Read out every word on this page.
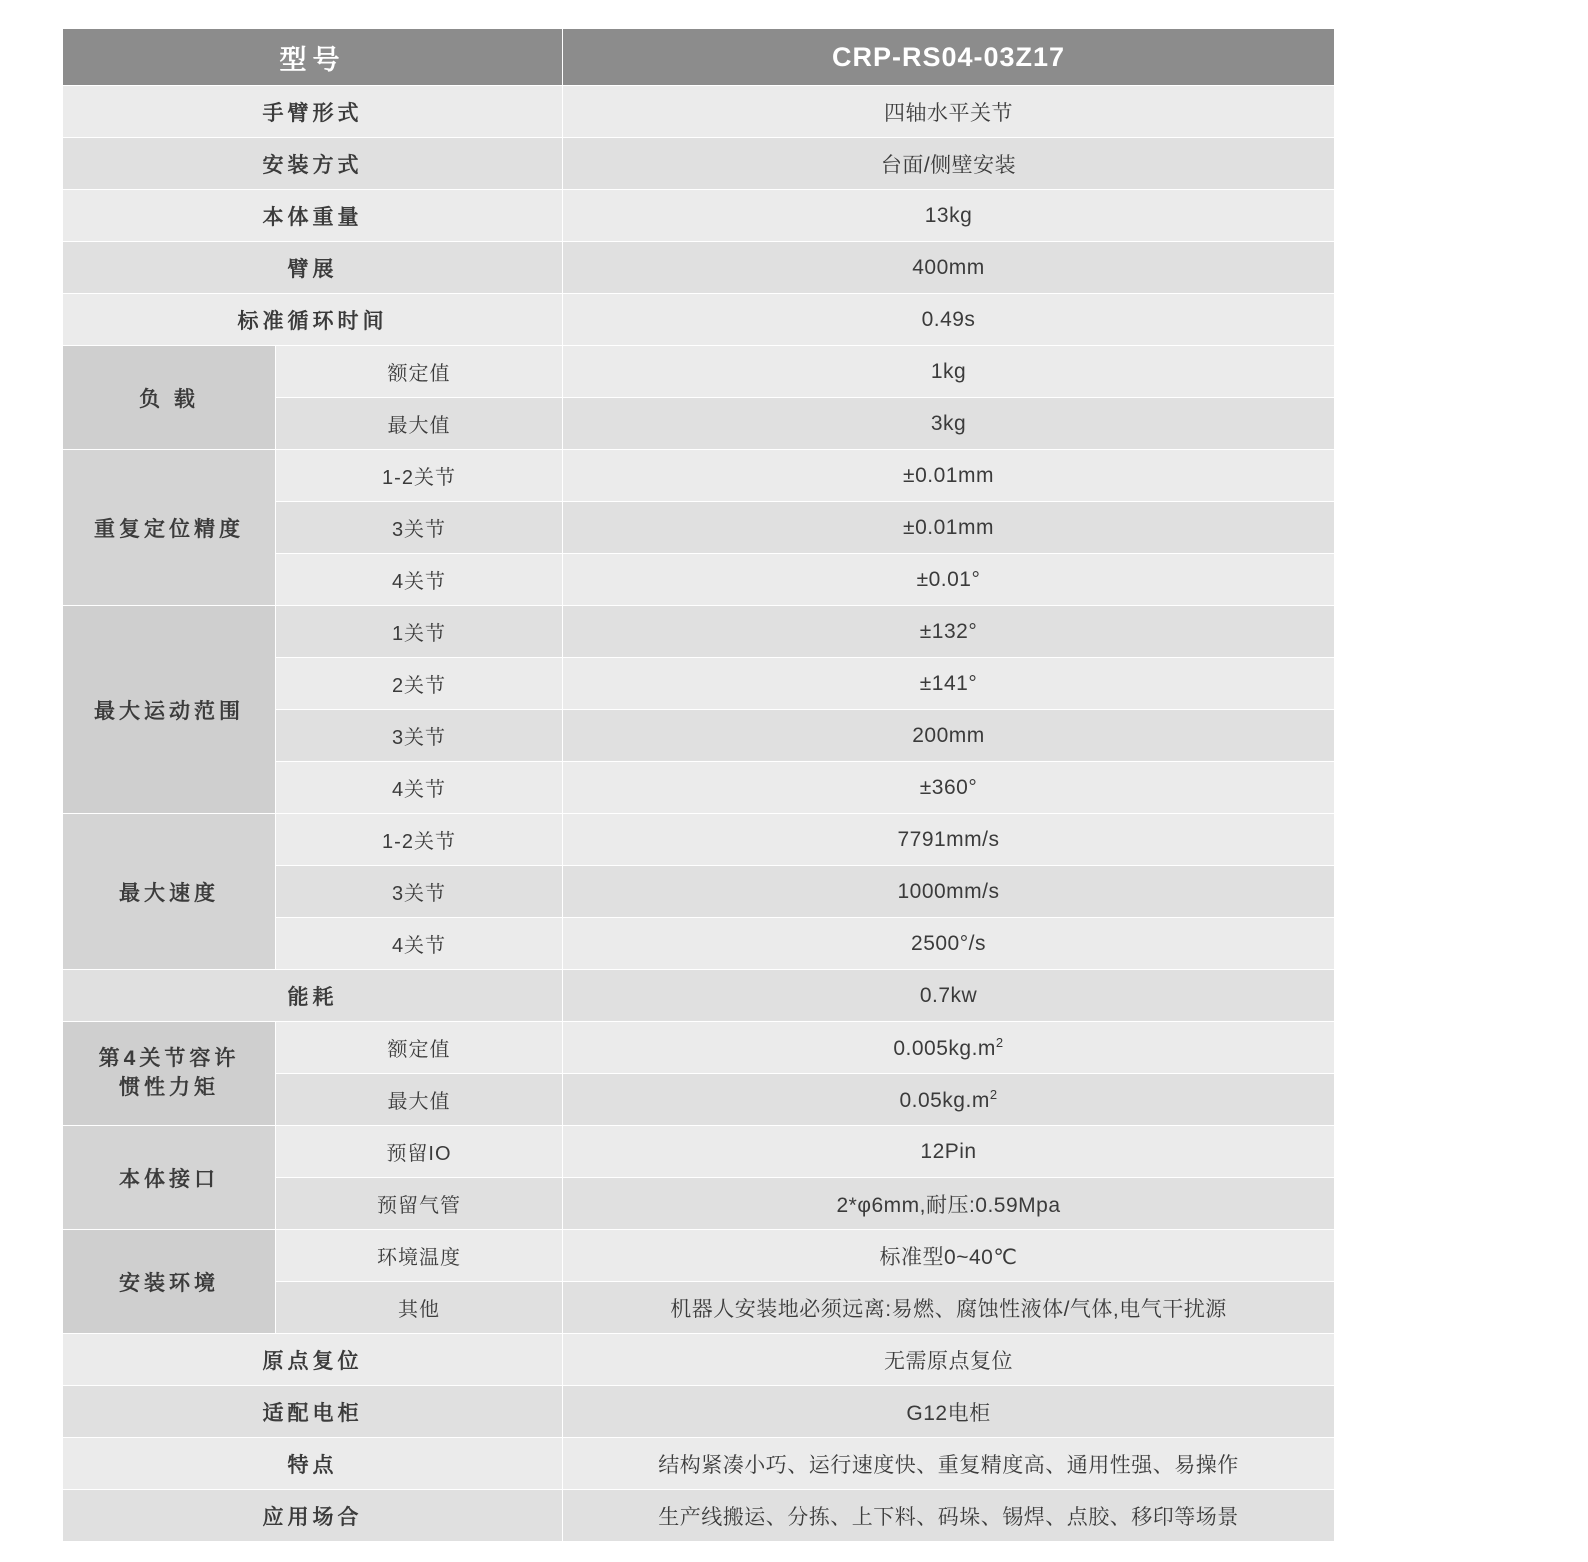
型号		CRP-RS04-03Z17
手臂形式		四轴水平关节
安装方式		台面/侧壁安装
本体重量		13kg
臂展		400mm
标准循环时间		0.49s
负 载	额定值	1kg
	最大值	3kg
重复定位精度	1-2关节	±0.01mm
	3关节	±0.01mm
	4关节	±0.01°
最大运动范围	1关节	±132°
	2关节	±141°
	3关节	200mm
	4关节	±360°
最大速度	1-2关节	7791mm/s
	3关节	1000mm/s
	4关节	2500°/s
能耗		0.7kw

第4关节容许
惯性力矩	额定值	$0.005kg.m^2$
	最大值	$0.05kg.m^2$
本体接口	预留IO	12Pin
	预留气管	2*φ6mm,耐压:0.59Mpa
安装环境	环境温度	标准型0~40℃
	其他	机器人安装地必须远离:易燃、腐蚀性液体/气体,电气干扰源
原点复位		无需原点复位
适配电柜		G12电柜
特点		结构紧凑小巧、运行速度快、重复精度高、通用性强、易操作
应用场合		生产线搬运、分拣、上下料、码垛、锡焊、点胶、移印等场景
